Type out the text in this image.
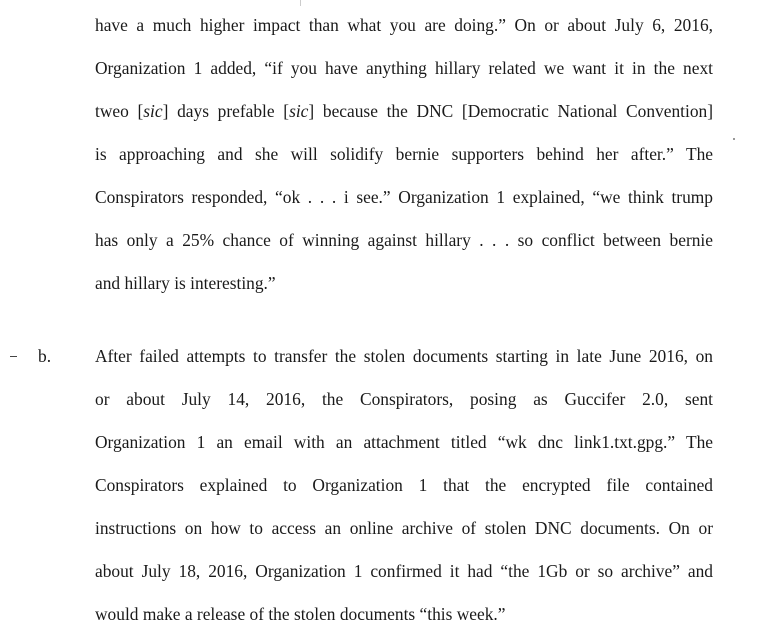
have a much higher impact than what you are doing.” On or about July 6, 2016,
Organization 1 added, “if you have anything hillary related we want it in the next
tweo [sic] days prefable [sic] because the DNC [Democratic National Convention]
is approaching and she will solidify bernie supporters behind her after.” The
Conspirators responded, “ok . . . i see.” Organization 1 explained, “we think trump
has only a 25% chance of winning against hillary . . . so conflict between bernie
and hillary is interesting.”
b.	After failed attempts to transfer the stolen documents starting in late June 2016, on
or about July 14, 2016, the Conspirators, posing as Guccifer 2.0, sent
Organization 1 an email with an attachment titled “wk dnc link1.txt.gpg.” The
Conspirators explained to Organization 1 that the encrypted file contained
instructions on how to access an online archive of stolen DNC documents. On or
about July 18, 2016, Organization 1 confirmed it had “the 1Gb or so archive” and
would make a release of the stolen documents “this week.”
